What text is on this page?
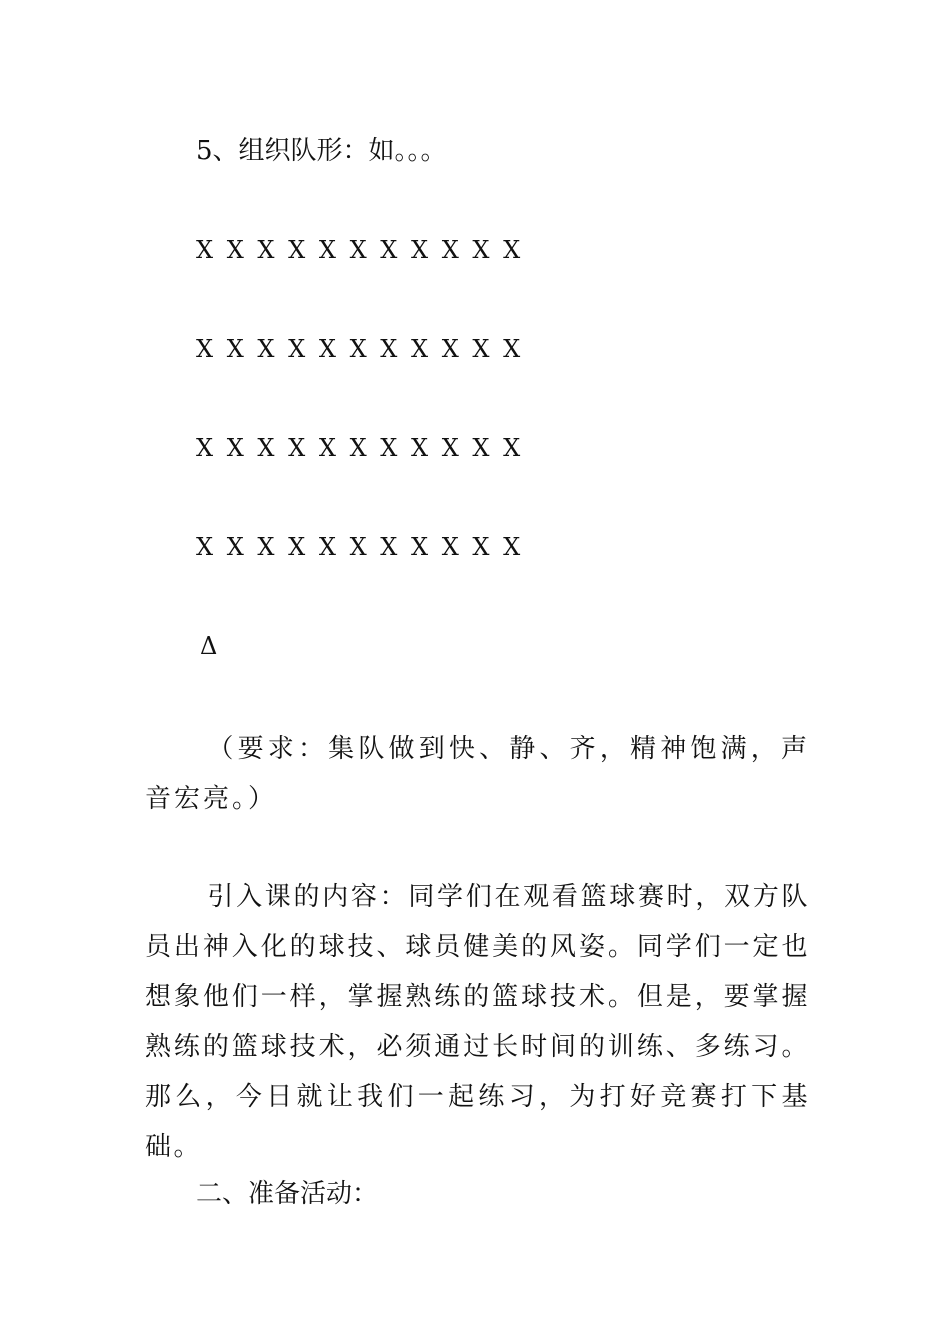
5、组织队形：如。。。

X X X X X X X X X X X

X X X X X X X X X X X

X X X X X X X X X X X

X X X X X X X X X X X

Δ

（要求：集队做到快、静、齐，精神饱满，声音宏亮。）

引入课的内容：同学们在观看篮球赛时，双方队员出神入化的球技、球员健美的风姿。同学们一定也想象他们一样，掌握熟练的篮球技术。但是，要掌握熟练的篮球技术，必须通过长时间的训练、多练习。那么，今日就让我们一起练习，为打好竞赛打下基础。

二、准备活动：
